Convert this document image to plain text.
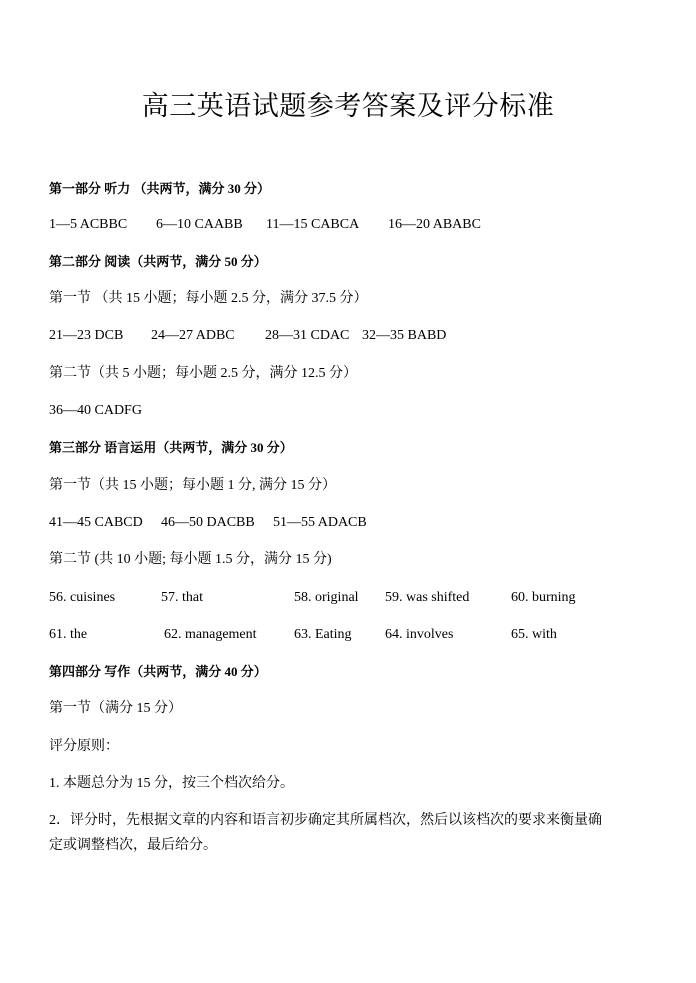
高三英语试题参考答案及评分标准
第一部分 听力 （共两节，满分 30 分）
1—5 ACBBC 6—10 CAABB 11—15 CABCA 16—20 ABABC
第二部分 阅读（共两节，满分 50 分）
第一节 （共 15 小题；每小题 2.5 分，满分 37.5 分）
21—23 DCB 24—27 ADBC 28—31 CDAC 32—35 BABD
第二节（共 5 小题；每小题 2.5 分，满分 12.5 分）
36—40 CADFG
第三部分 语言运用（共两节，满分 30 分）
第一节（共 15 小题；每小题 1 分, 满分 15 分）
41—45 CABCD 46—50 DACBB 51—55 ADACB
第二节 (共 10 小题; 每小题 1.5 分，满分 15 分)
56. cuisines	57. that	58. original 59. was shifted	60. burning
61. the	62. management	63. Eating 64. involves	65. with
第四部分 写作（共两节，满分 40 分）
第一节（满分 15 分）
评分原则：
1. 本题总分为 15 分，按三个档次给分。
2．评分时，先根据文章的内容和语言初步确定其所属档次，然后以该档次的要求来衡量确定或调整档次，最后给分。
